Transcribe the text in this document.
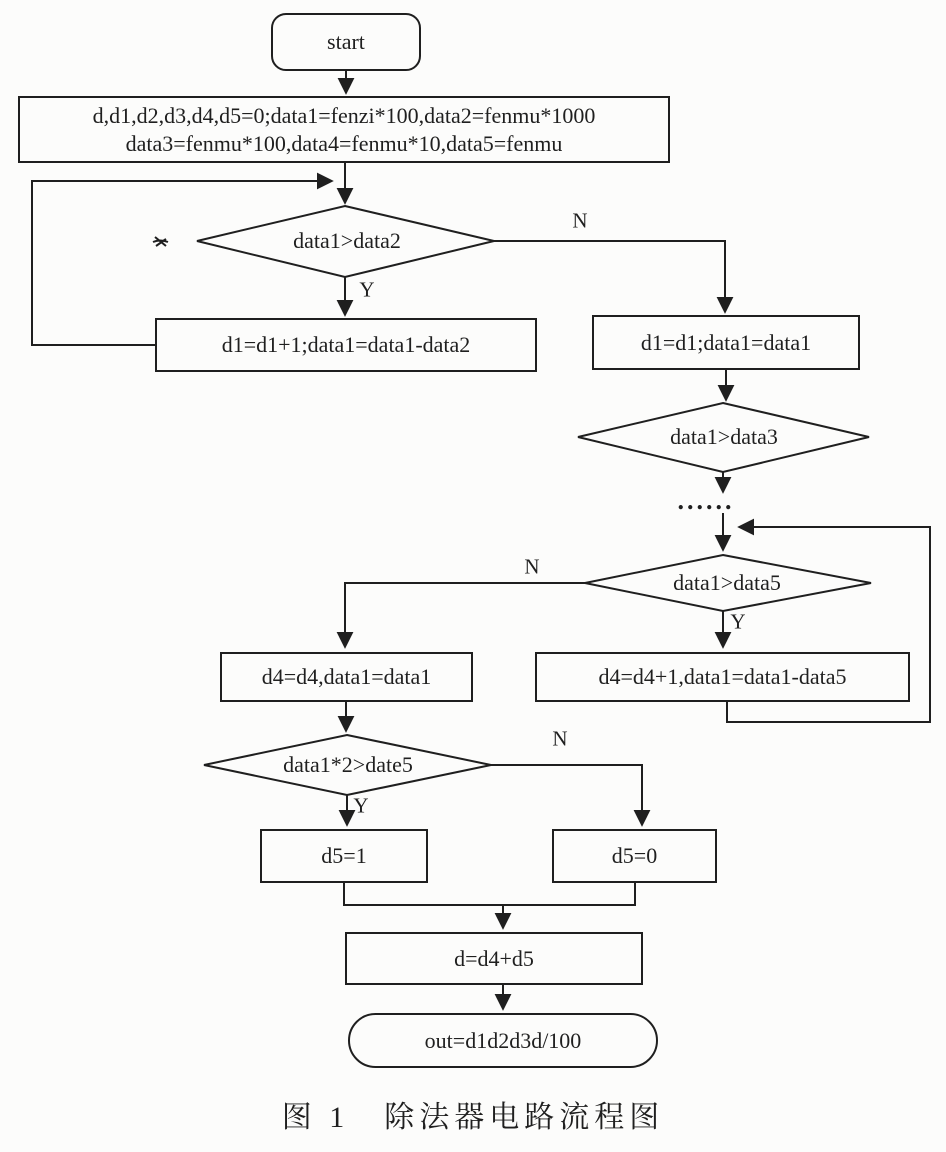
start
d,d1,d2,d3,d4,d5=0;data1=fenzi*100,data2=fenmu*1000
data3=fenmu*100,data4=fenmu*10,data5=fenmu
data1>data2
data1>data3
data1>data5
data1*2>date5
d1=d1+1;data1=data1-data2	d1=d1;data1=data1
......
d4=d4,data1=data1	d4=d4+1,data1=data1-data5
d5=1	d5=0
d=d4+d5
out=d1d2d3d/100
N
Y
N
Y
N
Y
图 1　除法器电路流程图
